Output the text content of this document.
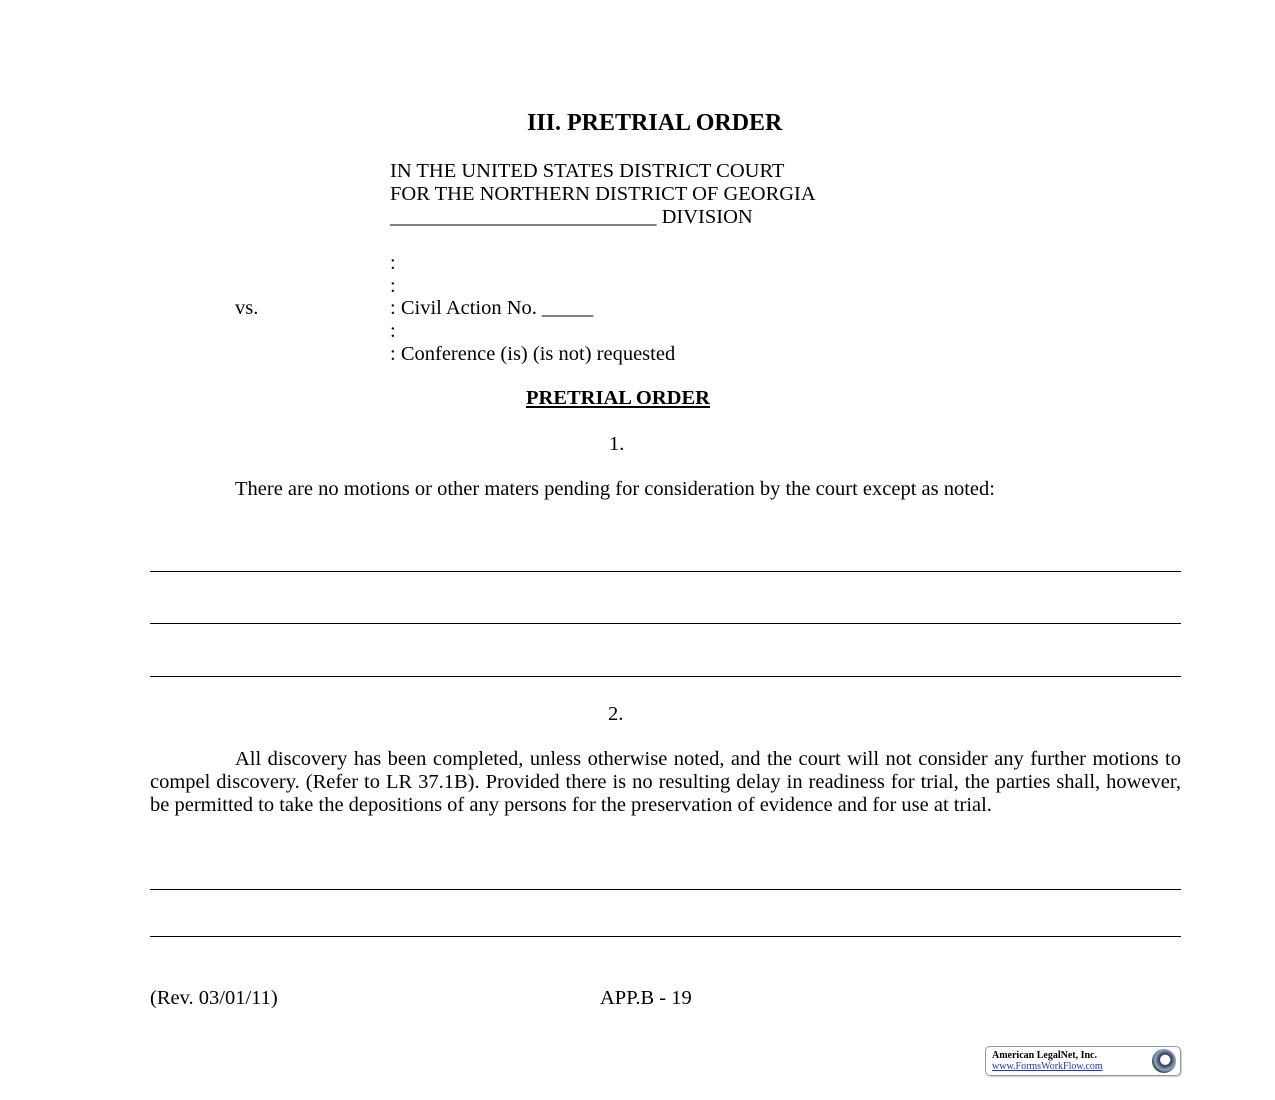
III. PRETRIAL ORDER
IN THE UNITED STATES DISTRICT COURT
FOR THE NORTHERN DISTRICT OF GEORGIA
__________________________ DIVISION
:
:
vs.	: Civil Action No. _____
:
: Conference (is) (is not) requested
PRETRIAL ORDER
1.
There are no motions or other maters pending for consideration by the court except as noted:
2.
All discovery has been completed, unless otherwise noted, and the court will not consider any further motions to compel discovery. (Refer to LR 37.1B). Provided there is no resulting delay in readiness for trial, the parties shall, however, be permitted to take the depositions of any persons for the preservation of evidence and for use at trial.
(Rev. 03/01/11)	APP.B - 19
American LegalNet, Inc.
www.FormsWorkFlow.com
